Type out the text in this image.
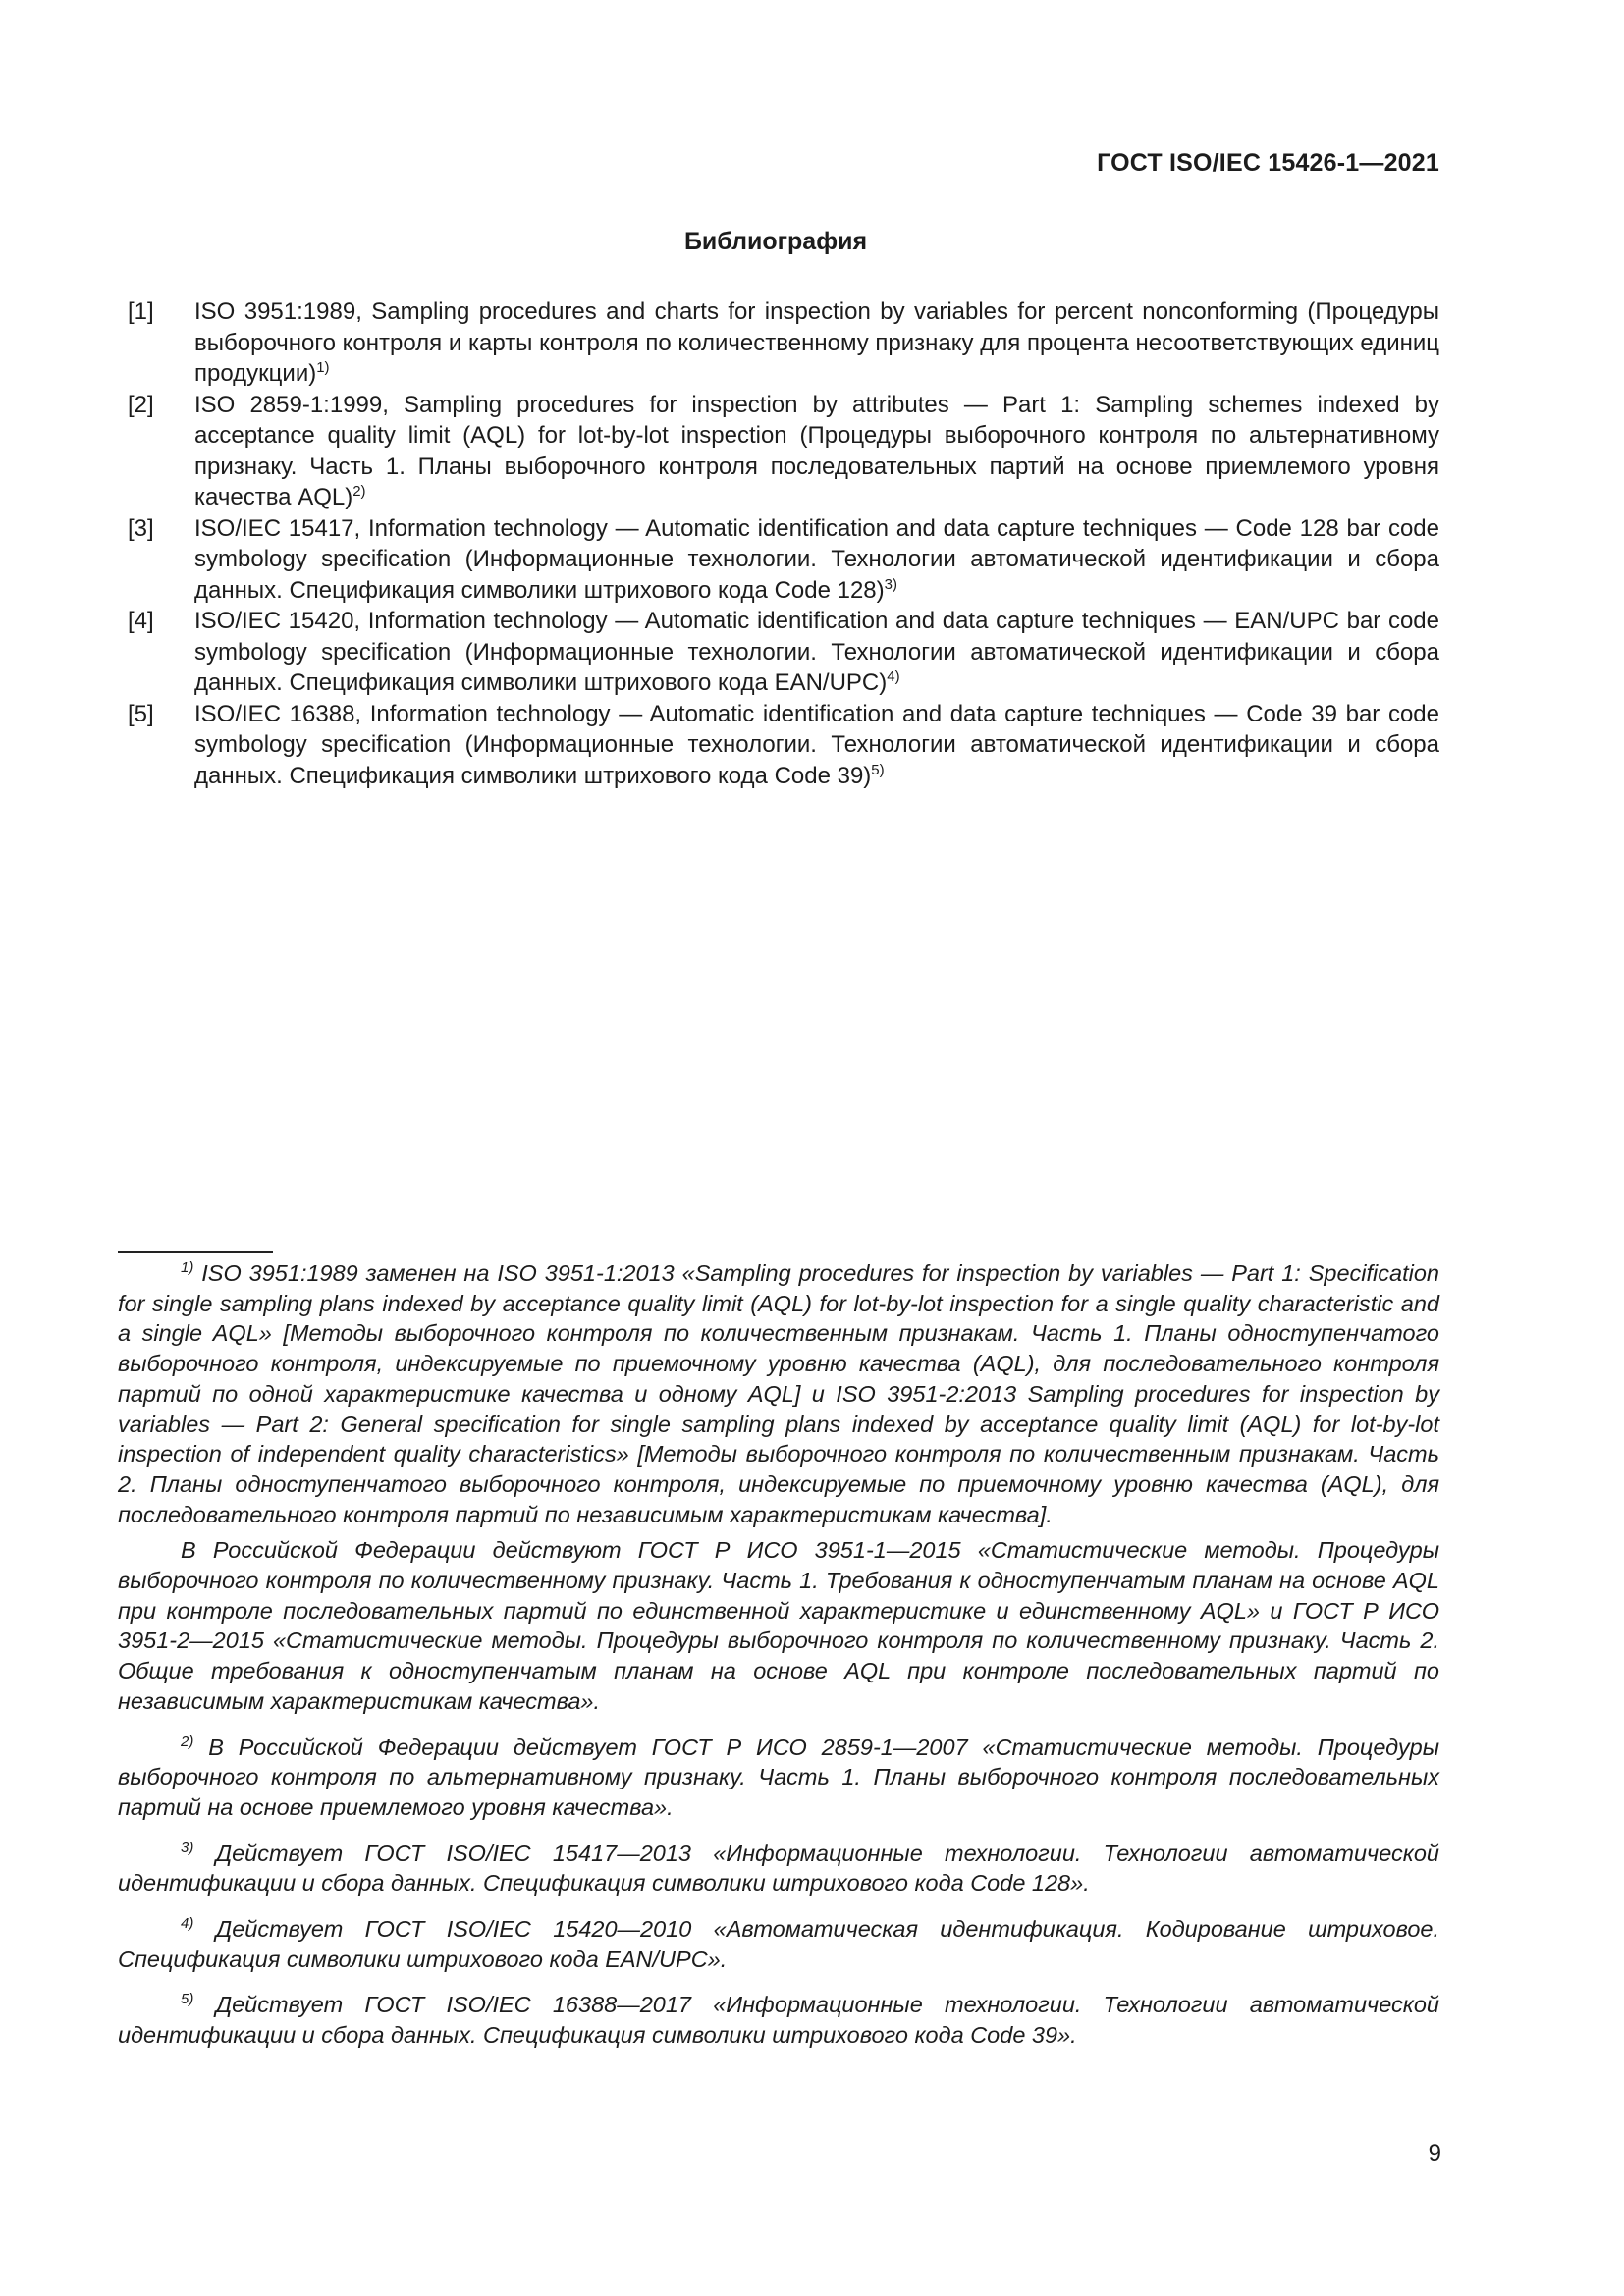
ГОСТ ISO/IEC 15426-1—2021
Библиография
[1] ISO 3951:1989, Sampling procedures and charts for inspection by variables for percent nonconforming (Процедуры выборочного контроля и карты контроля по количественному признаку для процента несоответствующих единиц продукции)$^{1)}$
[2] ISO 2859-1:1999, Sampling procedures for inspection by attributes — Part 1: Sampling schemes indexed by acceptance quality limit (AQL) for lot-by-lot inspection (Процедуры выборочного контроля по альтернативному признаку. Часть 1. Планы выборочного контроля последовательных партий на основе приемлемого уровня качества AQL)$^{2)}$
[3] ISO/IEC 15417, Information technology — Automatic identification and data capture techniques — Code 128 bar code symbology specification (Информационные технологии. Технологии автоматической идентификации и сбора данных. Спецификация символики штрихового кода Code 128)$^{3)}$
[4] ISO/IEC 15420, Information technology — Automatic identification and data capture techniques — EAN/UPC bar code symbology specification (Информационные технологии. Технологии автоматической идентификации и сбора данных. Спецификация символики штрихового кода EAN/UPC)$^{4)}$
[5] ISO/IEC 16388, Information technology — Automatic identification and data capture techniques — Code 39 bar code symbology specification (Информационные технологии. Технологии автоматической идентификации и сбора данных. Спецификация символики штрихового кода Code 39)$^{5)}$
$^{1)}$ ISO 3951:1989 заменен на ISO 3951-1:2013 «Sampling procedures for inspection by variables — Part 1: Specification for single sampling plans indexed by acceptance quality limit (AQL) for lot-by-lot inspection for a single quality characteristic and a single AQL» [Методы выборочного контроля по количественным признакам. Часть 1. Планы одноступенчатого выборочного контроля, индексируемые по приемочному уровню качества (AQL), для последовательного контроля партий по одной характеристике качества и одному AQL] и ISO 3951-2:2013 Sampling procedures for inspection by variables — Part 2: General specification for single sampling plans indexed by acceptance quality limit (AQL) for lot-by-lot inspection of independent quality characteristics» [Методы выборочного контроля по количественным признакам. Часть 2. Планы одноступенчатого выборочного контроля, индексируемые по приемочному уровню качества (AQL), для последовательного контроля партий по независимым характеристикам качества].
В Российской Федерации действуют ГОСТ Р ИСО 3951-1—2015 «Статистические методы. Процедуры выборочного контроля по количественному признаку. Часть 1. Требования к одноступенчатым планам на основе AQL при контроле последовательных партий по единственной характеристике и единственному AQL» и ГОСТ Р ИСО 3951-2—2015 «Статистические методы. Процедуры выборочного контроля по количественному признаку. Часть 2. Общие требования к одноступенчатым планам на основе AQL при контроле последовательных партий по независимым характеристикам качества».
$^{2)}$ В Российской Федерации действует ГОСТ Р ИСО 2859-1—2007 «Статистические методы. Процедуры выборочного контроля по альтернативному признаку. Часть 1. Планы выборочного контроля последовательных партий на основе приемлемого уровня качества».
$^{3)}$ Действует ГОСТ ISO/IEC 15417—2013 «Информационные технологии. Технологии автоматической идентификации и сбора данных. Спецификация символики штрихового кода Code 128».
$^{4)}$ Действует ГОСТ ISO/IEC 15420—2010 «Автоматическая идентификация. Кодирование штриховое. Спецификация символики штрихового кода EAN/UPC».
$^{5)}$ Действует ГОСТ ISO/IEC 16388—2017 «Информационные технологии. Технологии автоматической идентификации и сбора данных. Спецификация символики штрихового кода Code 39».
9
